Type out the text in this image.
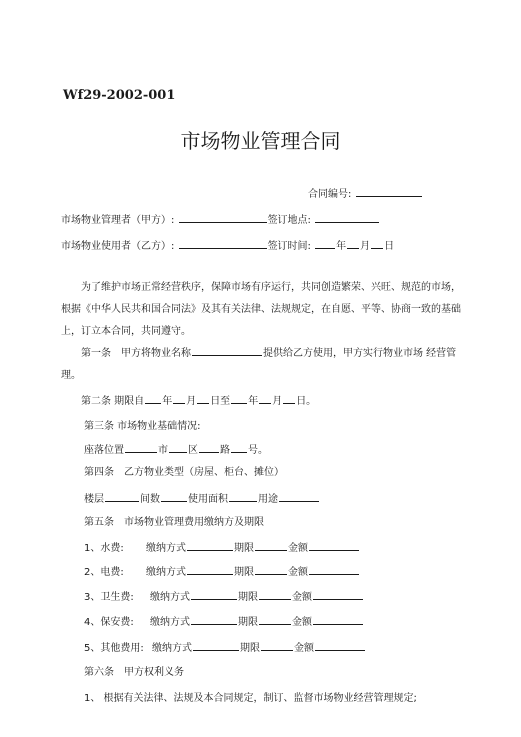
Wf29-2002-001
市场物业管理合同
合同编号:
市场物业管理者（甲方）:	签订地点:
市场物业使用者（乙方）:	签订时间:	年 月 日
为了维护市场正常经营秩序，保障市场有序运行，共同创造繁荣、兴旺、规范的市场，根据《中华人民共和国合同法》及其有关法律、法规规定，在自愿、平等、协商一致的基础上，订立本合同，共同遵守。
第一条　甲方将物业名称	提供给乙方使用，甲方实行物业市场 经营管理。
第二条 期限自 年 月 日至 年 月 日。
第三条 市场物业基础情况:
座落位置	市 区 路 号。
第四条　乙方物业类型（房屋、柜台、摊位）
楼层	间数	使用面积	用途
第五条　市场物业管理费用缴纳方及期限
1、水费: 缴纳方式	期限	金额
2、电费: 缴纳方式	期限	金额
3、卫生费: 缴纳方式	期限	金额
4、保安费: 缴纳方式	期限	金额
5、其他费用: 缴纳方式	期限	金额
第六条　甲方权利义务
1、 根据有关法律、法规及本合同规定，制订、监督市场物业经营管理规定;
